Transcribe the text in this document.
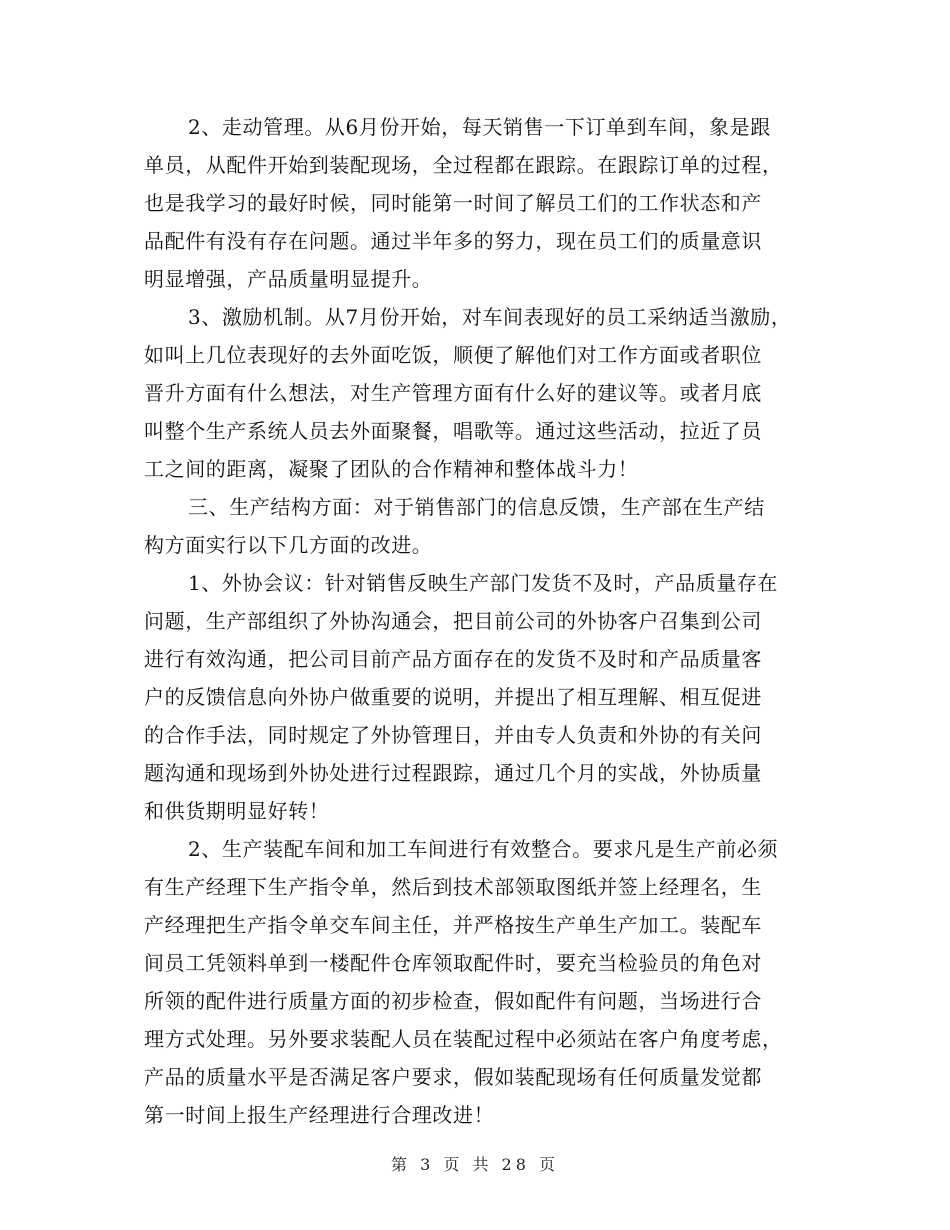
2、走动管理。从6月份开始，每天销售一下订单到车间，象是跟
单员，从配件开始到装配现场，全过程都在跟踪。在跟踪订单的过程，
也是我学习的最好时候，同时能第一时间了解员工们的工作状态和产
品配件有没有存在问题。通过半年多的努力，现在员工们的质量意识
明显增强，产品质量明显提升。
3、激励机制。从7月份开始，对车间表现好的员工采纳适当激励，
如叫上几位表现好的去外面吃饭，顺便了解他们对工作方面或者职位
晋升方面有什么想法，对生产管理方面有什么好的建议等。或者月底
叫整个生产系统人员去外面聚餐，唱歌等。通过这些活动，拉近了员
工之间的距离，凝聚了团队的合作精神和整体战斗力！
三、生产结构方面：对于销售部门的信息反馈，生产部在生产结
构方面实行以下几方面的改进。
1、外协会议：针对销售反映生产部门发货不及时，产品质量存在
问题，生产部组织了外协沟通会，把目前公司的外协客户召集到公司
进行有效沟通，把公司目前产品方面存在的发货不及时和产品质量客
户的反馈信息向外协户做重要的说明，并提出了相互理解、相互促进
的合作手法，同时规定了外协管理日，并由专人负责和外协的有关问
题沟通和现场到外协处进行过程跟踪，通过几个月的实战，外协质量
和供货期明显好转！
2、生产装配车间和加工车间进行有效整合。要求凡是生产前必须
有生产经理下生产指令单，然后到技术部领取图纸并签上经理名，生
产经理把生产指令单交车间主任，并严格按生产单生产加工。装配车
间员工凭领料单到一楼配件仓库领取配件时，要充当检验员的角色对
所领的配件进行质量方面的初步检查，假如配件有问题，当场进行合
理方式处理。另外要求装配人员在装配过程中必须站在客户角度考虑，
产品的质量水平是否满足客户要求，假如装配现场有任何质量发觉都
第一时间上报生产经理进行合理改进！
第 3 页 共 28 页
